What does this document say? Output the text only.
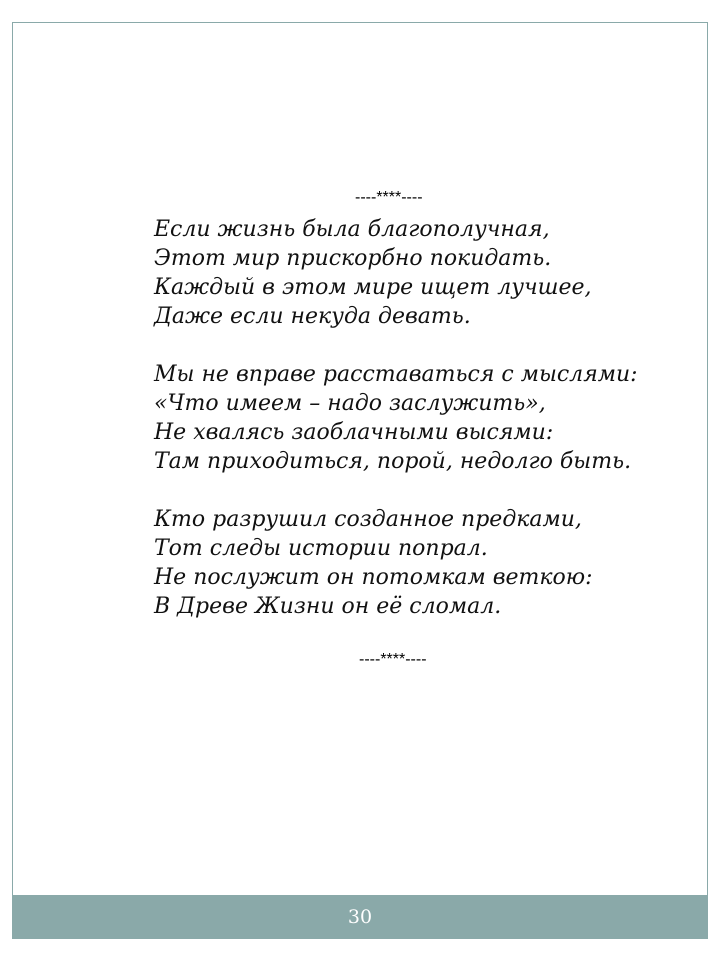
----****----
Если жизнь была благополучная,
Этот мир прискорбно покидать.
Каждый в этом мире ищет лучшее,
Даже если некуда девать.
Мы не вправе расставаться с мыслями:
«Что имеем – надо заслужить»,
Не хвалясь заоблачными высями:
Там приходиться, порой, недолго быть.
Кто разрушил созданное предками,
Тот следы истории попрал.
Не послужит он потомкам веткою:
В Древе Жизни он её сломал.
----****----
30
